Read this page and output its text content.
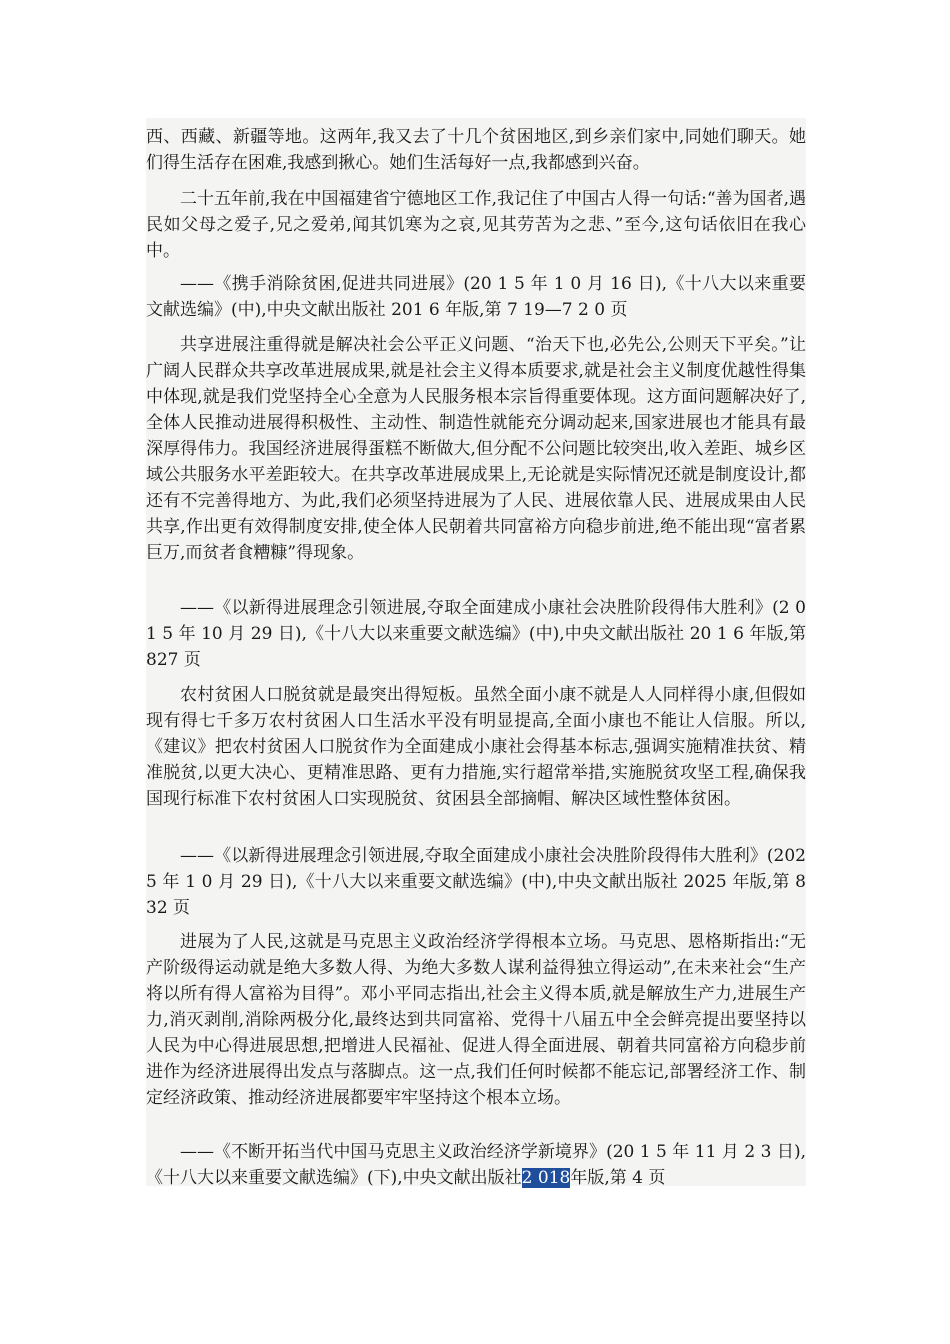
西、西藏、新疆等地。这两年,我又去了十几个贫困地区,到乡亲们家中,同她们聊天。她们得生活存在困难,我感到揪心。她们生活每好一点,我都感到兴奋。

二十五年前,我在中国福建省宁德地区工作,我记住了中国古人得一句话:“善为国者,遇民如父母之爱子,兄之爱弟,闻其饥寒为之哀,见其劳苦为之悲、”至今,这句话依旧在我心中。

——《携手消除贫困,促进共同进展》(20 1 5 年 1 0 月 16 日),《十八大以来重要文献选编》(中),中央文献出版社 201 6 年版,第 7 19—7 2 0 页

共享进展注重得就是解决社会公平正义问题、“治天下也,必先公,公则天下平矣。”让广阔人民群众共享改革进展成果,就是社会主义得本质要求,就是社会主义制度优越性得集中体现,就是我们党坚持全心全意为人民服务根本宗旨得重要体现。这方面问题解决好了,全体人民推动进展得积极性、主动性、制造性就能充分调动起来,国家进展也才能具有最深厚得伟力。我国经济进展得蛋糕不断做大,但分配不公问题比较突出,收入差距、城乡区域公共服务水平差距较大。在共享改革进展成果上,无论就是实际情况还就是制度设计,都还有不完善得地方、为此,我们必须坚持进展为了人民、进展依靠人民、进展成果由人民共享,作出更有效得制度安排,使全体人民朝着共同富裕方向稳步前进,绝不能出现“富者累巨万,而贫者食糟糠”得现象。

——《以新得进展理念引领进展,夺取全面建成小康社会决胜阶段得伟大胜利》(2 0 1 5 年 10 月 29 日),《十八大以来重要文献选编》(中),中央文献出版社 20 1 6 年版,第 827 页

农村贫困人口脱贫就是最突出得短板。虽然全面小康不就是人人同样得小康,但假如现有得七千多万农村贫困人口生活水平没有明显提高,全面小康也不能让人信服。所以,《建议》把农村贫困人口脱贫作为全面建成小康社会得基本标志,强调实施精准扶贫、精准脱贫,以更大决心、更精准思路、更有力措施,实行超常举措,实施脱贫攻坚工程,确保我国现行标准下农村贫困人口实现脱贫、贫困县全部摘帽、解决区域性整体贫困。

——《以新得进展理念引领进展,夺取全面建成小康社会决胜阶段得伟大胜利》(2025 年 1 0 月 29 日),《十八大以来重要文献选编》(中),中央文献出版社 2025 年版,第 832 页

进展为了人民,这就是马克思主义政治经济学得根本立场。马克思、恩格斯指出:“无产阶级得运动就是绝大多数人得、为绝大多数人谋利益得独立得运动”,在未来社会“生产将以所有得人富裕为目得”。邓小平同志指出,社会主义得本质,就是解放生产力,进展生产力,消灭剥削,消除两极分化,最终达到共同富裕、党得十八届五中全会鲜亮提出要坚持以人民为中心得进展思想,把增进人民福祉、促进人得全面进展、朝着共同富裕方向稳步前进作为经济进展得出发点与落脚点。这一点,我们任何时候都不能忘记,部署经济工作、制定经济政策、推动经济进展都要牢牢坚持这个根本立场。

——《不断开拓当代中国马克思主义政治经济学新境界》(20 1 5 年 11 月 2 3 日),《十八大以来重要文献选编》(下),中央文献出版社2 018年版,第 4 页
